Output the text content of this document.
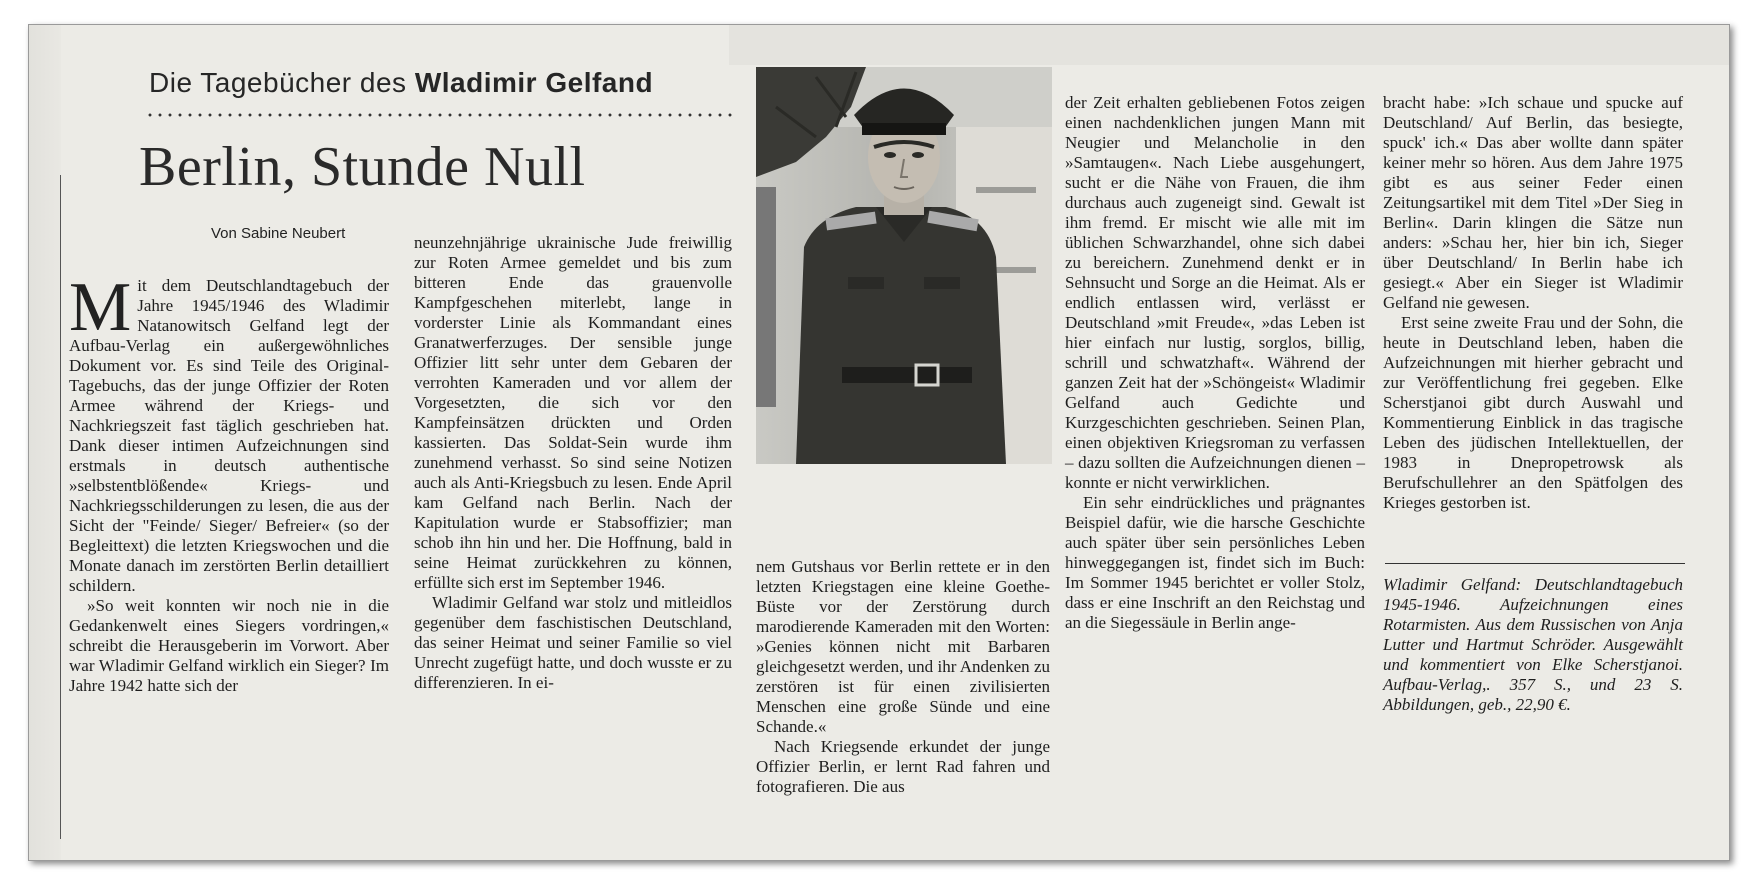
Die Tagebücher des Wladimir Gelfand
Berlin, Stunde Null
Von Sabine Neubert

Mit dem Deutschlandtagebuch der Jahre 1945/1946 des Wladimir Natanowitsch Gelfand legt der Aufbau-Verlag ein außergewöhnliches Dokument vor. Es sind Teile des Original-Tagebuchs, das der junge Offizier der Roten Armee während der Kriegs- und Nachkriegszeit fast täglich geschrieben hat. Dank dieser intimen Aufzeichnungen sind erstmals in deutsch authentische »selbstentblößende« Kriegs- und Nachkriegsschilderungen zu lesen, die aus der Sicht der "Feinde/ Sieger/ Befreier« (so der Begleittext) die letzten Kriegswochen und die Monate danach im zerstörten Berlin detailliert schildern.

»So weit konnten wir noch nie in die Gedankenwelt eines Siegers vordringen,« schreibt die Herausgeberin im Vorwort. Aber war Wladimir Gelfand wirklich ein Sieger? Im Jahre 1942 hatte sich der

neunzehnjährige ukrainische Jude freiwillig zur Roten Armee gemeldet und bis zum bitteren Ende das grauenvolle Kampfgeschehen miterlebt, lange in vorderster Linie als Kommandant eines Granatwerferzuges. Der sensible junge Offizier litt sehr unter dem Gebaren der verrohten Kameraden und vor allem der Vorgesetzten, die sich vor den Kampfeinsätzen drückten und Orden kassierten. Das Soldat-Sein wurde ihm zunehmend verhasst. So sind seine Notizen auch als Anti-Kriegsbuch zu lesen. Ende April kam Gelfand nach Berlin. Nach der Kapitulation wurde er Stabsoffizier; man schob ihn hin und her. Die Hoffnung, bald in seine Heimat zurückkehren zu können, erfüllte sich erst im September 1946.

Wladimir Gelfand war stolz und mitleidlos gegenüber dem faschistischen Deutschland, das seiner Heimat und seiner Familie so viel Unrecht zugefügt hatte, und doch wusste er zu differenzieren. In ei-

nem Gutshaus vor Berlin rettete er in den letzten Kriegstagen eine kleine Goethe-Büste vor der Zerstörung durch marodierende Kameraden mit den Worten: »Genies können nicht mit Barbaren gleichgesetzt werden, und ihr Andenken zu zerstören ist für einen zivilisierten Menschen eine große Sünde und eine Schande.«

Nach Kriegsende erkundet der junge Offizier Berlin, er lernt Rad fahren und fotografieren. Die aus

der Zeit erhalten gebliebenen Fotos zeigen einen nachdenklichen jungen Mann mit Neugier und Melancholie in den »Samtaugen«. Nach Liebe ausgehungert, sucht er die Nähe von Frauen, die ihm durchaus auch zugeneigt sind. Gewalt ist ihm fremd. Er mischt wie alle mit im üblichen Schwarzhandel, ohne sich dabei zu bereichern. Zunehmend denkt er in Sehnsucht und Sorge an die Heimat. Als er endlich entlassen wird, verlässt er Deutschland »mit Freude«, »das Leben ist hier einfach nur lustig, sorglos, billig, schrill und schwatzhaft«. Während der ganzen Zeit hat der »Schöngeist« Wladimir Gelfand auch Gedichte und Kurzgeschichten geschrieben. Seinen Plan, einen objektiven Kriegsroman zu verfassen – dazu sollten die Aufzeichnungen dienen – konnte er nicht verwirklichen.

Ein sehr eindrückliches und prägnantes Beispiel dafür, wie die harsche Geschichte auch später über sein persönliches Leben hinweggegangen ist, findet sich im Buch: Im Sommer 1945 berichtet er voller Stolz, dass er eine Inschrift an den Reichstag und an die Siegessäule in Berlin ange-

bracht habe: »Ich schaue und spucke auf Deutschland/ Auf Berlin, das besiegte, spuck' ich.« Das aber wollte dann später keiner mehr so hören. Aus dem Jahre 1975 gibt es aus seiner Feder einen Zeitungsartikel mit dem Titel »Der Sieg in Berlin«. Darin klingen die Sätze nun anders: »Schau her, hier bin ich, Sieger über Deutschland/ In Berlin habe ich gesiegt.« Aber ein Sieger ist Wladimir Gelfand nie gewesen.

Erst seine zweite Frau und der Sohn, die heute in Deutschland leben, haben die Aufzeichnungen mit hierher gebracht und zur Veröffentlichung frei gegeben. Elke Scherstjanoi gibt durch Auswahl und Kommentierung Einblick in das tragische Leben des jüdischen Intellektuellen, der 1983 in Dnepropetrowsk als Berufschullehrer an den Spätfolgen des Krieges gestorben ist.

Wladimir Gelfand: Deutschlandtagebuch 1945-1946. Aufzeichnungen eines Rotarmisten. Aus dem Russischen von Anja Lutter und Hartmut Schröder. Ausgewählt und kommentiert von Elke Scherstjanoi. Aufbau-Verlag,. 357 S., und 23 S. Abbildungen, geb., 22,90 €.
